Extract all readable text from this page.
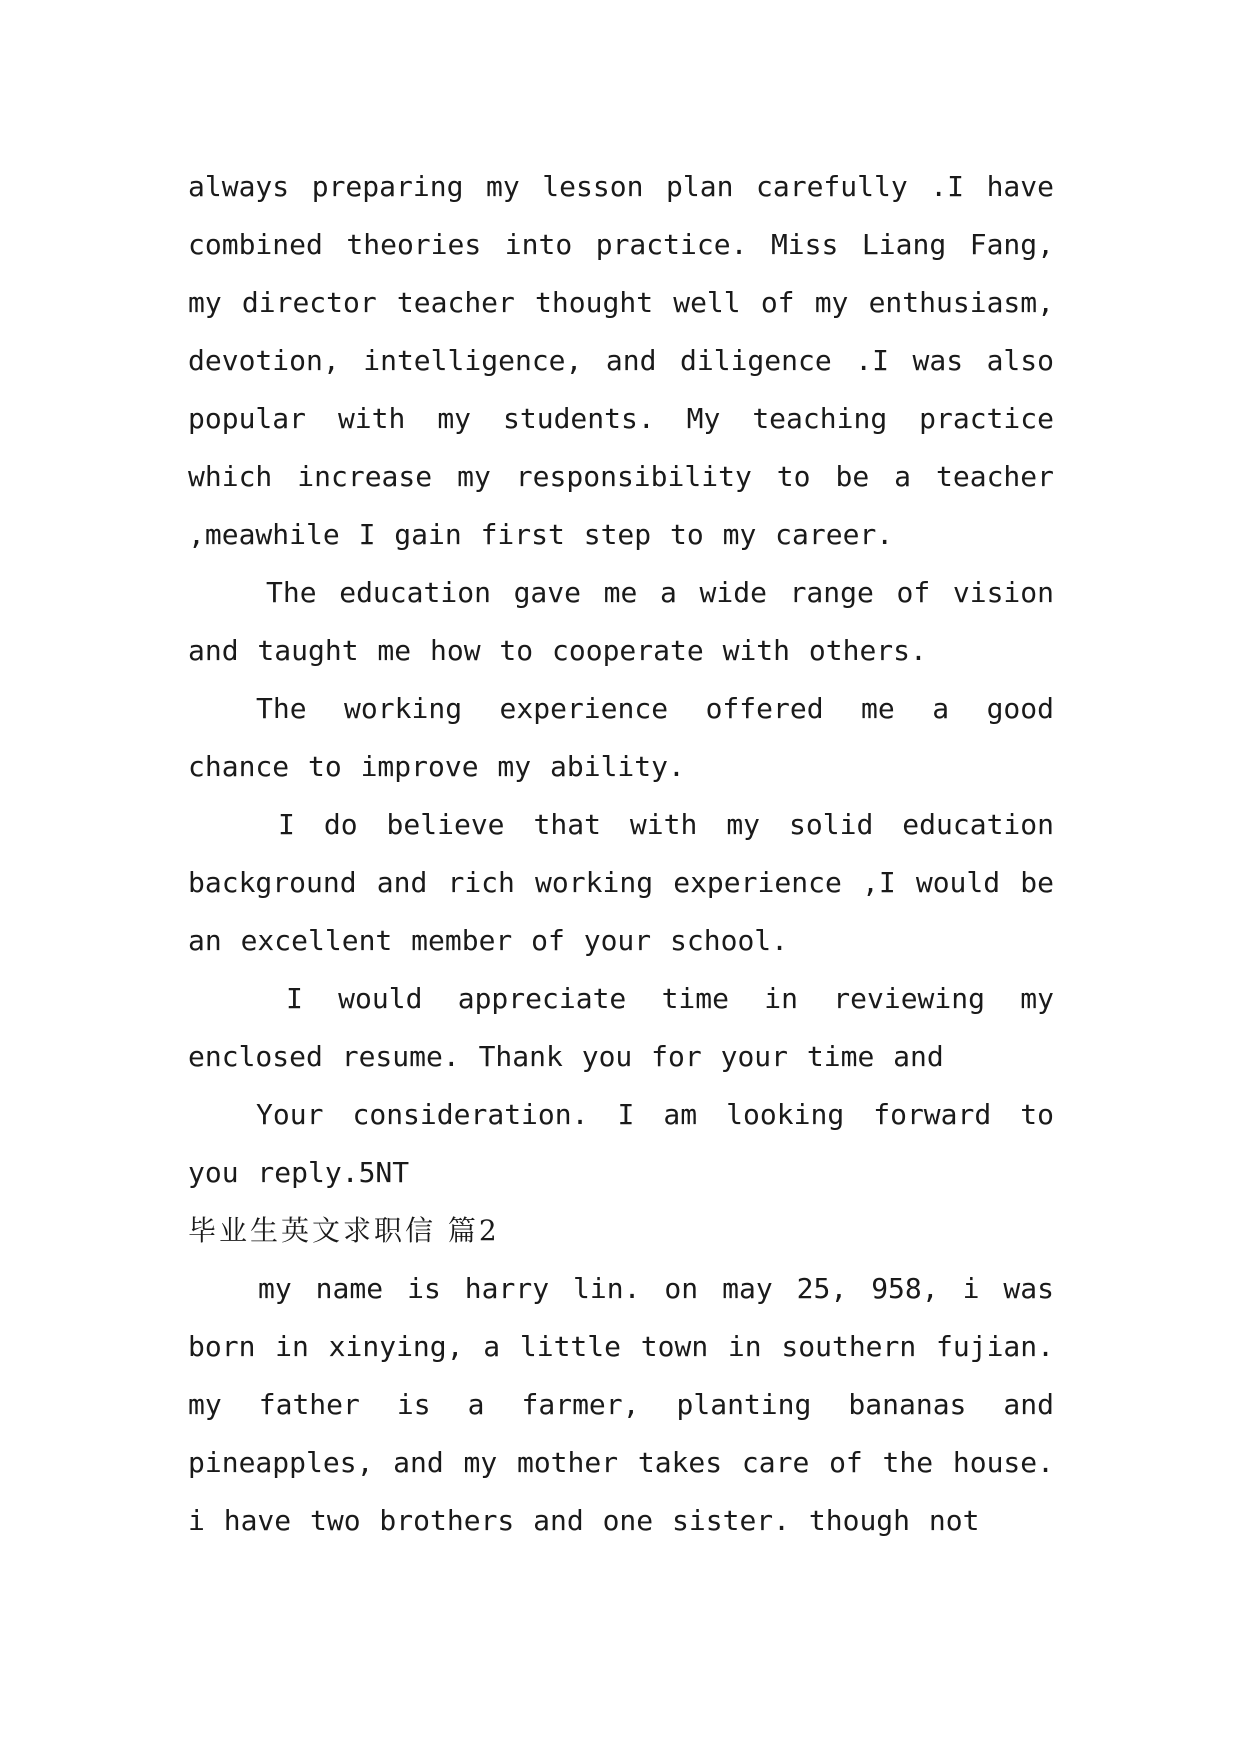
always preparing my lesson plan carefully .I have combined theories into practice. Miss Liang Fang, my director teacher thought well of my enthusiasm, devotion, intelligence, and diligence .I was also popular with my students. My teaching practice which increase my responsibility to be a teacher ,meawhile I gain first step to my career.

The education gave me a wide range of vision and taught me how to cooperate with others.

The working experience offered me a good chance to improve my ability.

I do believe that with my solid education background and rich working experience ,I would be an excellent member of your school.

I would appreciate time in reviewing my enclosed resume. Thank you for your time and

Your consideration. I am looking forward to you reply.5NT

毕业生英文求职信 篇2

my name is harry lin. on may 25, 958, i was born in xinying, a little town in southern fujian. my father is a farmer, planting bananas and pineapples, and my mother takes care of the house. i have two brothers and one sister. though not
